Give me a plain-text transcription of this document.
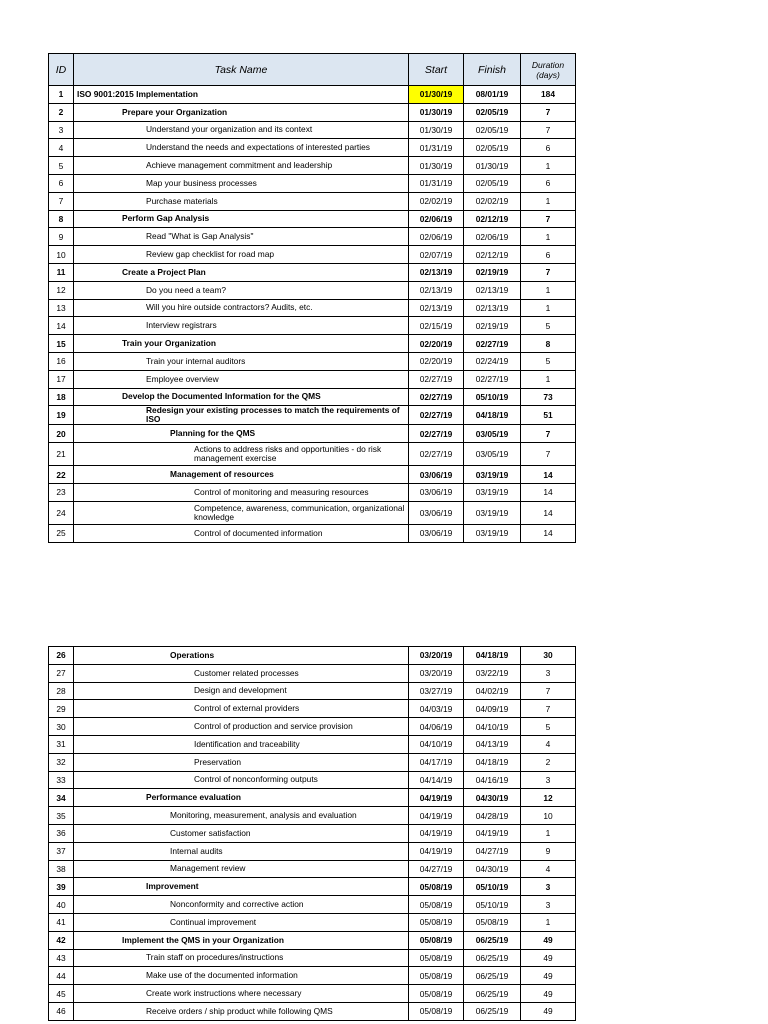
ID	Task Name	Start	Finish	Duration
(days)
1	ISO 9001:2015 Implementation	01/30/19	08/01/19	184
2	Prepare your Organization	01/30/19	02/05/19	7
3	Understand your organization and its context	01/30/19	02/05/19	7
4	Understand the needs and expectations of interested parties	01/31/19	02/05/19	6
5	Achieve management commitment and leadership	01/30/19	01/30/19	1
6	Map your business processes	01/31/19	02/05/19	6
7	Purchase materials	02/02/19	02/02/19	1
8	Perform Gap Analysis	02/06/19	02/12/19	7
9	Read "What is Gap Analysis"	02/06/19	02/06/19	1
10	Review gap checklist for road map	02/07/19	02/12/19	6
11	Create a Project Plan	02/13/19	02/19/19	7
12	Do you need a team?	02/13/19	02/13/19	1
13	Will you hire outside contractors? Audits, etc.	02/13/19	02/13/19	1
14	Interview registrars	02/15/19	02/19/19	5
15	Train your Organization	02/20/19	02/27/19	8
16	Train your internal auditors	02/20/19	02/24/19	5
17	Employee overview	02/27/19	02/27/19	1
18	Develop the Documented Information for the QMS	02/27/19	05/10/19	73
19	Redesign your existing processes to match the requirements of ISO	02/27/19	04/18/19	51
20	Planning for the QMS	02/27/19	03/05/19	7
21	Actions to address risks and opportunities - do risk management exercise	02/27/19	03/05/19	7
22	Management of resources	03/06/19	03/19/19	14
23	Control of monitoring and measuring resources	03/06/19	03/19/19	14
24	Competence, awareness, communication, organizational knowledge	03/06/19	03/19/19	14
25	Control of documented information	03/06/19	03/19/19	14
26	Operations	03/20/19	04/18/19	30
27	Customer related processes	03/20/19	03/22/19	3
28	Design and development	03/27/19	04/02/19	7
29	Control of external providers	04/03/19	04/09/19	7
30	Control of production and service provision	04/06/19	04/10/19	5
31	Identification and traceability	04/10/19	04/13/19	4
32	Preservation	04/17/19	04/18/19	2
33	Control of nonconforming outputs	04/14/19	04/16/19	3
34	Performance evaluation	04/19/19	04/30/19	12
35	Monitoring, measurement, analysis and evaluation	04/19/19	04/28/19	10
36	Customer satisfaction	04/19/19	04/19/19	1
37	Internal audits	04/19/19	04/27/19	9
38	Management review	04/27/19	04/30/19	4
39	Improvement	05/08/19	05/10/19	3
40	Nonconformity and corrective action	05/08/19	05/10/19	3
41	Continual improvement	05/08/19	05/08/19	1
42	Implement the QMS in your Organization	05/08/19	06/25/19	49
43	Train staff on procedures/instructions	05/08/19	06/25/19	49
44	Make use of the documented information	05/08/19	06/25/19	49
45	Create work instructions where necessary	05/08/19	06/25/19	49
46	Receive orders / ship product while following QMS	05/08/19	06/25/19	49
